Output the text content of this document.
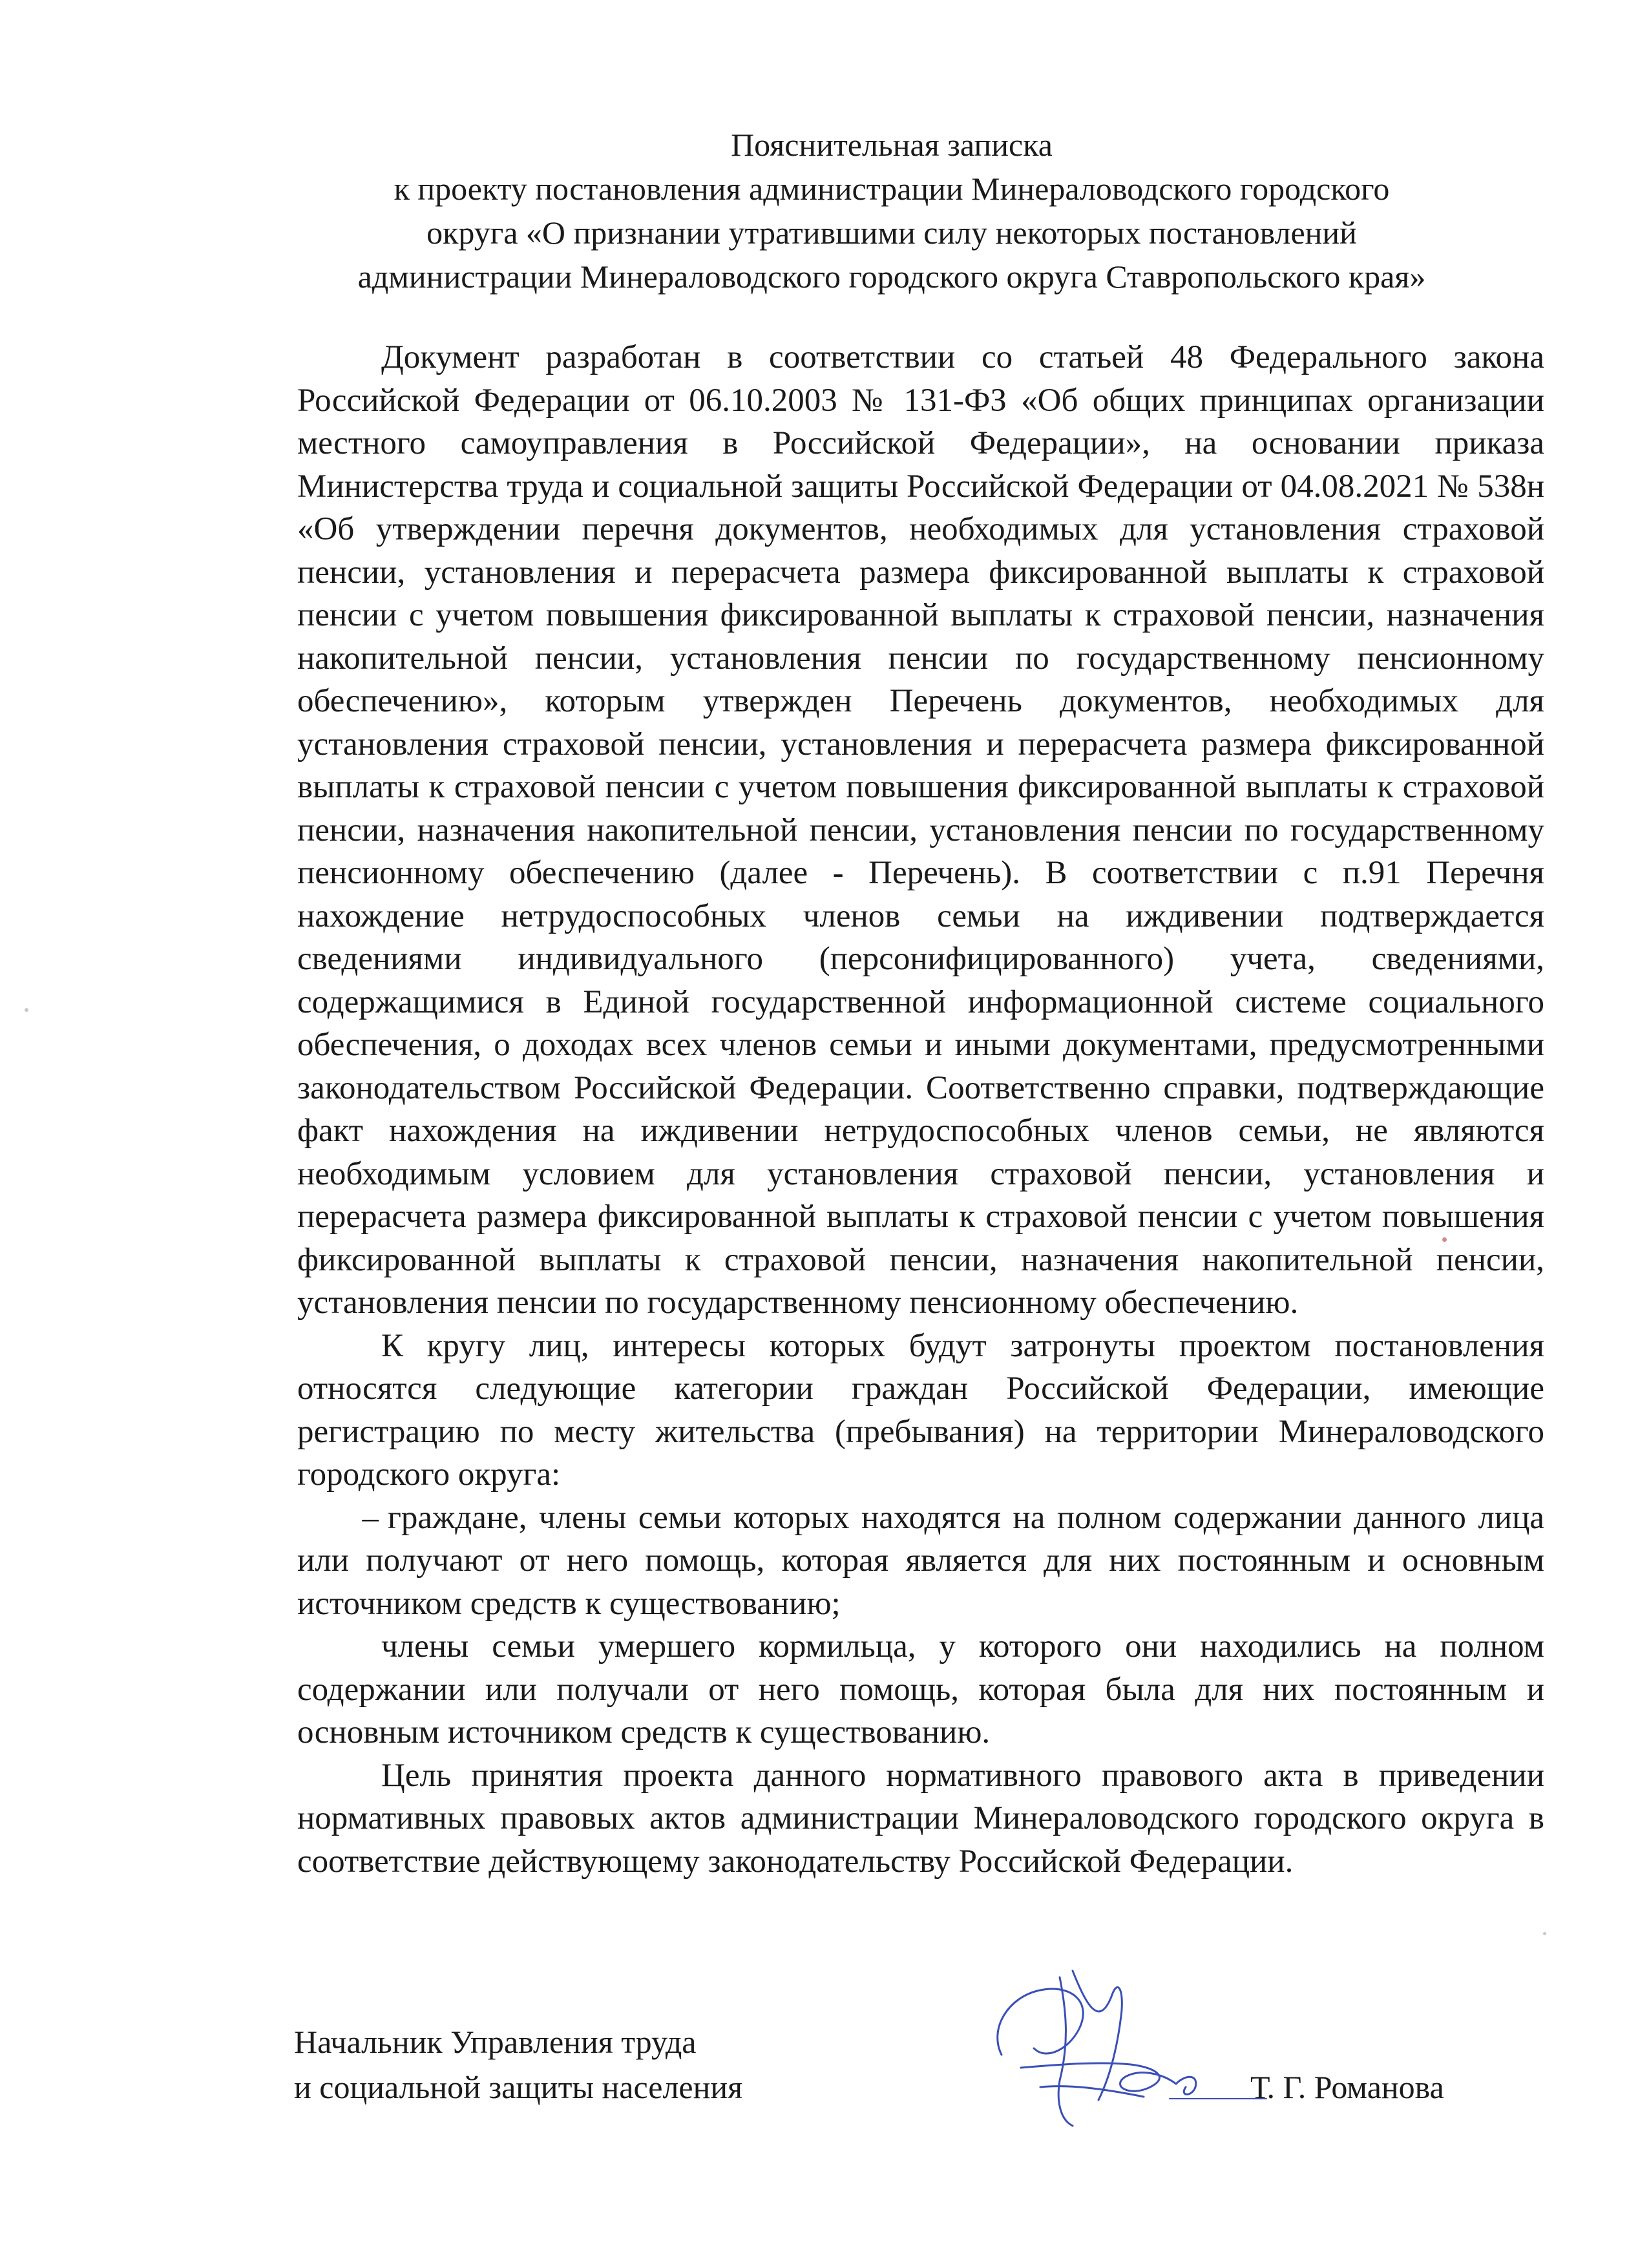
Пояснительная записка
к проекту постановления администрации Минераловодского городского
округа «О признании утратившими силу некоторых постановлений
администрации Минераловодского городского округа Ставропольского края»

Документ разработан в соответствии со статьей 48 Федерального закона Российской Федерации от 06.10.2003 № 131-ФЗ «Об общих принципах организации местного самоуправления в Российской Федерации», на основании приказа Министерства труда и социальной защиты Российской Федерации от 04.08.2021 № 538н «Об утверждении перечня документов, необходимых для установления страховой пенсии, установления и перерасчета размера фиксированной выплаты к страховой пенсии с учетом повышения фиксированной выплаты к страховой пенсии, назначения накопительной пенсии, установления пенсии по государственному пенсионному обеспечению», которым утвержден Перечень документов, необходимых для установления страховой пенсии, установления и перерасчета размера фиксированной выплаты к страховой пенсии с учетом повышения фиксированной выплаты к страховой пенсии, назначения накопительной пенсии, установления пенсии по государственному пенсионному обеспечению (далее - Перечень). В соответствии с п.91 Перечня нахождение нетрудоспособных членов семьи на иждивении подтверждается сведениями индивидуального (персонифицированного) учета, сведениями, содержащимися в Единой государственной информационной системе социального обеспечения, о доходах всех членов семьи и иными документами, предусмотренными законодательством Российской Федерации. Соответственно справки, подтверждающие факт нахождения на иждивении нетрудоспособных членов семьи, не являются необходимым условием для установления страховой пенсии, установления и перерасчета размера фиксированной выплаты к страховой пенсии с учетом повышения фиксированной выплаты к страховой пенсии, назначения накопительной пенсии, установления пенсии по государственному пенсионному обеспечению.

К кругу лиц, интересы которых будут затронуты проектом постановления относятся следующие категории граждан Российской Федерации, имеющие регистрацию по месту жительства (пребывания) на территории Минераловодского городского округа:

– граждане, члены семьи которых находятся на полном содержании данного лица или получают от него помощь, которая является для них постоянным и основным источником средств к существованию;

члены семьи умершего кормильца, у которого они находились на полном содержании или получали от него помощь, которая была для них постоянным и основным источником средств к существованию.

Цель принятия проекта данного нормативного правового акта в приведении нормативных правовых актов администрации Минераловодского городского округа в соответствие действующему законодательству Российской Федерации.

Начальник Управления труда
и социальной защиты населения	Т. Г. Романова
